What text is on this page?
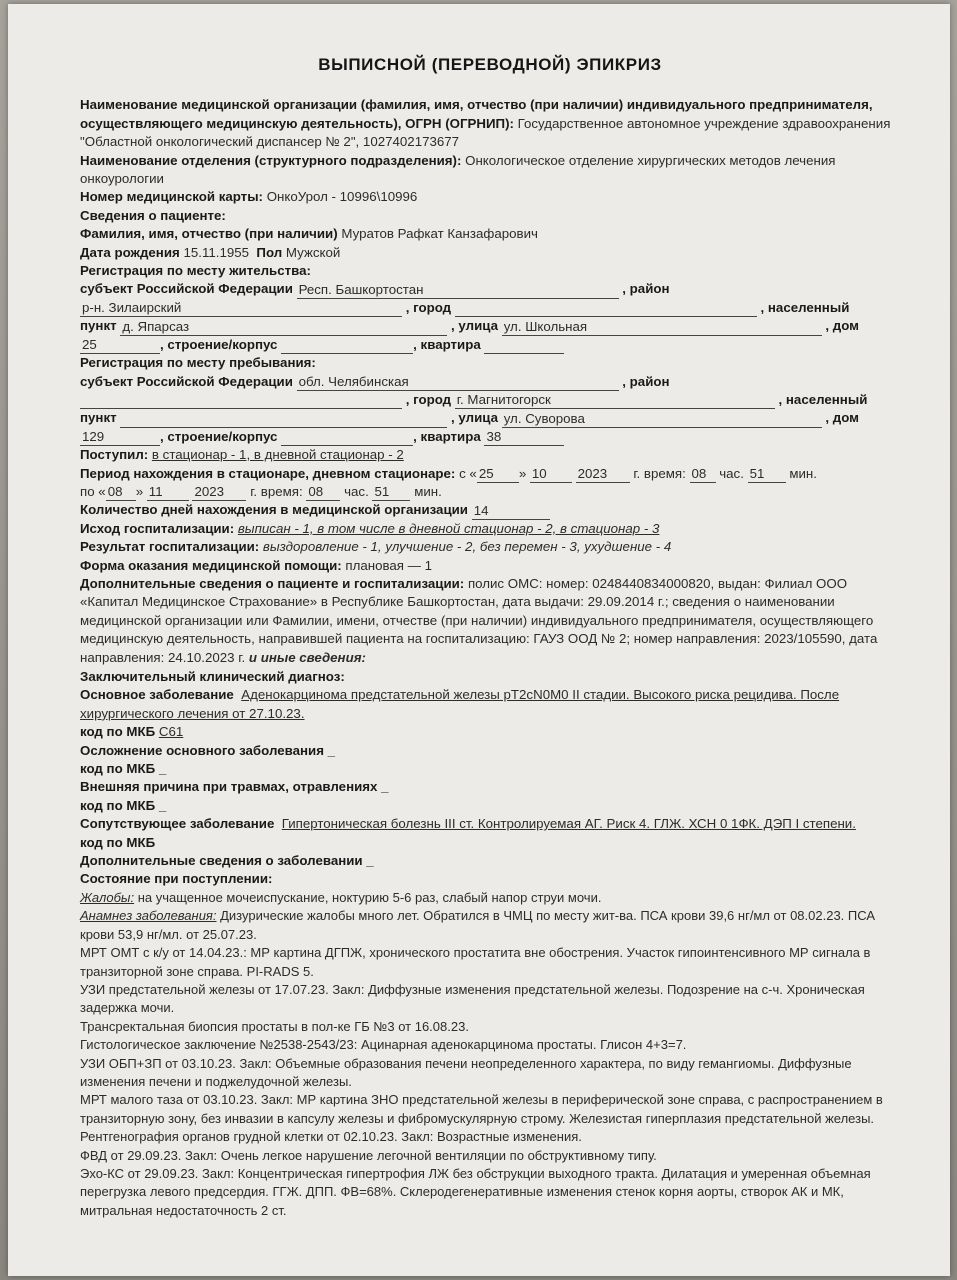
ВЫПИСНОЙ (ПЕРЕВОДНОЙ) ЭПИКРИЗ

Наименование медицинской организации (фамилия, имя, отчество (при наличии) индивидуального предпринимателя, осуществляющего медицинскую деятельность), ОГРН (ОГРНИП): Государственное автономное учреждение здравоохранения "Областной онкологический диспансер № 2", 1027402173677

Наименование отделения (структурного подразделения): Онкологическое отделение хирургических методов лечения онкоурологии

Номер медицинской карты: ОнкоУрол - 10996\10996

Сведения о пациенте:

Фамилия, имя, отчество (при наличии) Муратов Рафкат Канзафарович

Дата рождения 15.11.1955 Пол Мужской

Регистрация по месту жительства:

субъект Российской Федерации Респ. Башкортостан	, район

р-н. Зилаирский	, город	, населенный

пункт д. Япарсаз	, улица ул. Школьная	, дом

25	, строение/корпус	, квартира

Регистрация по месту пребывания:

субъект Российской Федерации обл. Челябинская	, район

, город г. Магнитогорск	, населенный

пункт	, улица ул. Суворова	, дом

129	, строение/корпус	, квартира 38

Поступил: в стационар - 1, в дневной стационар - 2

Период нахождения в стационаре, дневном стационаре: с « 25 » 10 2023 г. время: 08 час. 51 мин.

по « 08 » 11 2023 г. время: 08 час. 51 мин.

Количество дней нахождения в медицинской организации 14

Исход госпитализации: выписан - 1, в том числе в дневной стационар - 2, в стационар - 3

Результат госпитализации: выздоровление - 1, улучшение - 2, без перемен - 3, ухудшение - 4

Форма оказания медицинской помощи: плановая — 1

Дополнительные сведения о пациенте и госпитализации: полис ОМС: номер: 0248440834000820, выдан: Филиал ООО «Капитал Медицинское Страхование» в Республике Башкортостан, дата выдачи: 29.09.2014 г.; сведения о наименовании медицинской организации или Фамилии, имени, отчестве (при наличии) индивидуального предпринимателя, осуществляющего медицинскую деятельность, направившей пациента на госпитализацию: ГАУЗ ООД № 2; номер направления: 2023/105590, дата направления: 24.10.2023 г. и иные сведения:

Заключительный клинический диагноз:

Основное заболевание Аденокарцинома предстательной железы pT2cN0M0 II стадии. Высокого риска рецидива. После хирургического лечения от 27.10.23.

код по МКБ С61

Осложнение основного заболевания _

код по МКБ _

Внешняя причина при травмах, отравлениях _

код по МКБ _

Сопутствующее заболевание Гипертоническая болезнь III ст. Контролируемая АГ. Риск 4. ГЛЖ. ХСН 0 1ФК. ДЭП I степени.

код по МКБ

Дополнительные сведения о заболевании _

Состояние при поступлении:

Жалобы: на учащенное мочеиспускание, ноктурию 5-6 раз, слабый напор струи мочи.

Анамнез заболевания: Дизурические жалобы много лет. Обратился в ЧМЦ по месту жит-ва. ПСА крови 39,6 нг/мл от 08.02.23. ПСА крови 53,9 нг/мл. от 25.07.23.

МРТ ОМТ с к/у от 14.04.23.: МР картина ДГПЖ, хронического простатита вне обострения. Участок гипоинтенсивного МР сигнала в транзиторной зоне справа. PI-RADS 5.

УЗИ предстательной железы от 17.07.23. Закл: Диффузные изменения предстательной железы. Подозрение на с-ч. Хроническая задержка мочи.

Трансректальная биопсия простаты в пол-ке ГБ №3 от 16.08.23.

Гистологическое заключение №2538-2543/23: Ацинарная аденокарцинома простаты. Глисон 4+3=7.

УЗИ ОБП+ЗП от 03.10.23. Закл: Объемные образования печени неопределенного характера, по виду гемангиомы. Диффузные изменения печени и поджелудочной железы.

МРТ малого таза от 03.10.23. Закл: МР картина ЗНО предстательной железы в периферической зоне справа, с распространением в транзиторную зону, без инвазии в капсулу железы и фибромускулярную строму. Железистая гиперплазия предстательной железы.

Рентгенография органов грудной клетки от 02.10.23. Закл: Возрастные изменения.

ФВД от 29.09.23. Закл: Очень легкое нарушение легочной вентиляции по обструктивному типу.

Эхо-КС от 29.09.23. Закл: Концентрическая гипертрофия ЛЖ без обструкции выходного тракта. Дилатация и умеренная объемная перегрузка левого предсердия. ГГЖ. ДПП. ФВ=68%. Склеродегенеративные изменения стенок корня аорты, створок АК и МК, митральная недостаточность 2 ст.
